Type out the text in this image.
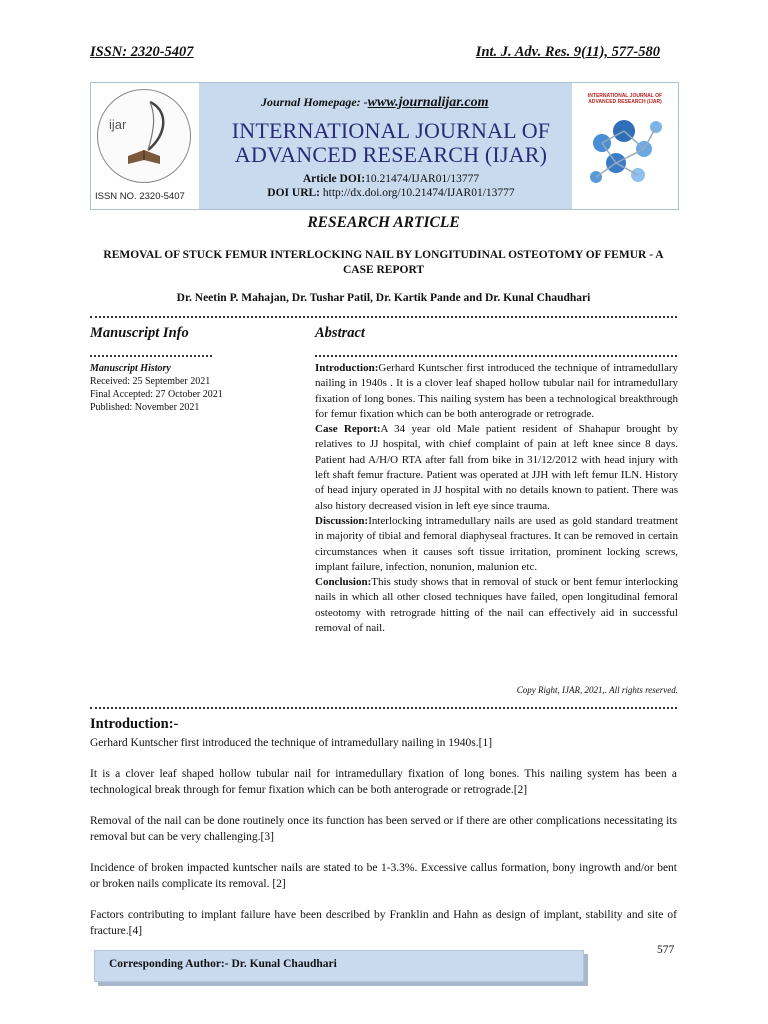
ISSN: 2320-5407	Int. J. Adv. Res. 9(11), 577-580
ijar
ISSN NO. 2320-5407
Journal Homepage: -www.journalijar.com
INTERNATIONAL JOURNAL OF ADVANCED RESEARCH (IJAR)
Article DOI:10.21474/IJAR01/13777
DOI URL: http://dx.doi.org/10.21474/IJAR01/13777
INTERNATIONAL JOURNAL OF ADVANCED RESEARCH (IJAR)
RESEARCH ARTICLE
REMOVAL OF STUCK FEMUR INTERLOCKING NAIL BY LONGITUDINAL OSTEOTOMY OF FEMUR - A CASE REPORT
Dr. Neetin P. Mahajan, Dr. Tushar Patil, Dr. Kartik Pande and Dr. Kunal Chaudhari
Manuscript Info
Manuscript History
Received: 25 September 2021
Final Accepted: 27 October 2021
Published: November 2021
Abstract

Introduction:Gerhard Kuntscher first introduced the technique of intramedullary nailing in 1940s . It is a clover leaf shaped hollow tubular nail for intramedullary fixation of long bones. This nailing system has been a technological breakthrough for femur fixation which can be both anterograde or retrograde.

Case Report:A 34 year old Male patient resident of Shahapur brought by relatives to JJ hospital, with chief complaint of pain at left knee since 8 days. Patient had A/H/O RTA after fall from bike in 31/12/2012 with head injury with left shaft femur fracture. Patient was operated at JJH with left femur ILN. History of head injury operated in JJ hospital with no details known to patient. There was also history decreased vision in left eye since trauma.

Discussion:Interlocking intramedullary nails are used as gold standard treatment in majority of tibial and femoral diaphyseal fractures. It can be removed in certain circumstances when it causes soft tissue irritation, prominent locking screws, implant failure, infection, nonunion, malunion etc.

Conclusion:This study shows that in removal of stuck or bent femur interlocking nails in which all other closed techniques have failed, open longitudinal femoral osteotomy with retrograde hitting of the nail can effectively aid in successful removal of nail.

Copy Right, IJAR, 2021,. All rights reserved.
Introduction:-

Gerhard Kuntscher first introduced the technique of intramedullary nailing in 1940s.[1]

It is a clover leaf shaped hollow tubular nail for intramedullary fixation of long bones. This nailing system has been a technological break through for femur fixation which can be both anterograde or retrograde.[2]

Removal of the nail can be done routinely once its function has been served or if there are other complications necessitating its removal but can be very challenging.[3]

Incidence of broken impacted kuntscher nails are stated to be 1-3.3%. Excessive callus formation, bony ingrowth and/or bent or broken nails complicate its removal. [2]

Factors contributing to implant failure have been described by Franklin and Hahn as design of implant, stability and site of fracture.[4]

577
Corresponding Author:- Dr. Kunal Chaudhari
